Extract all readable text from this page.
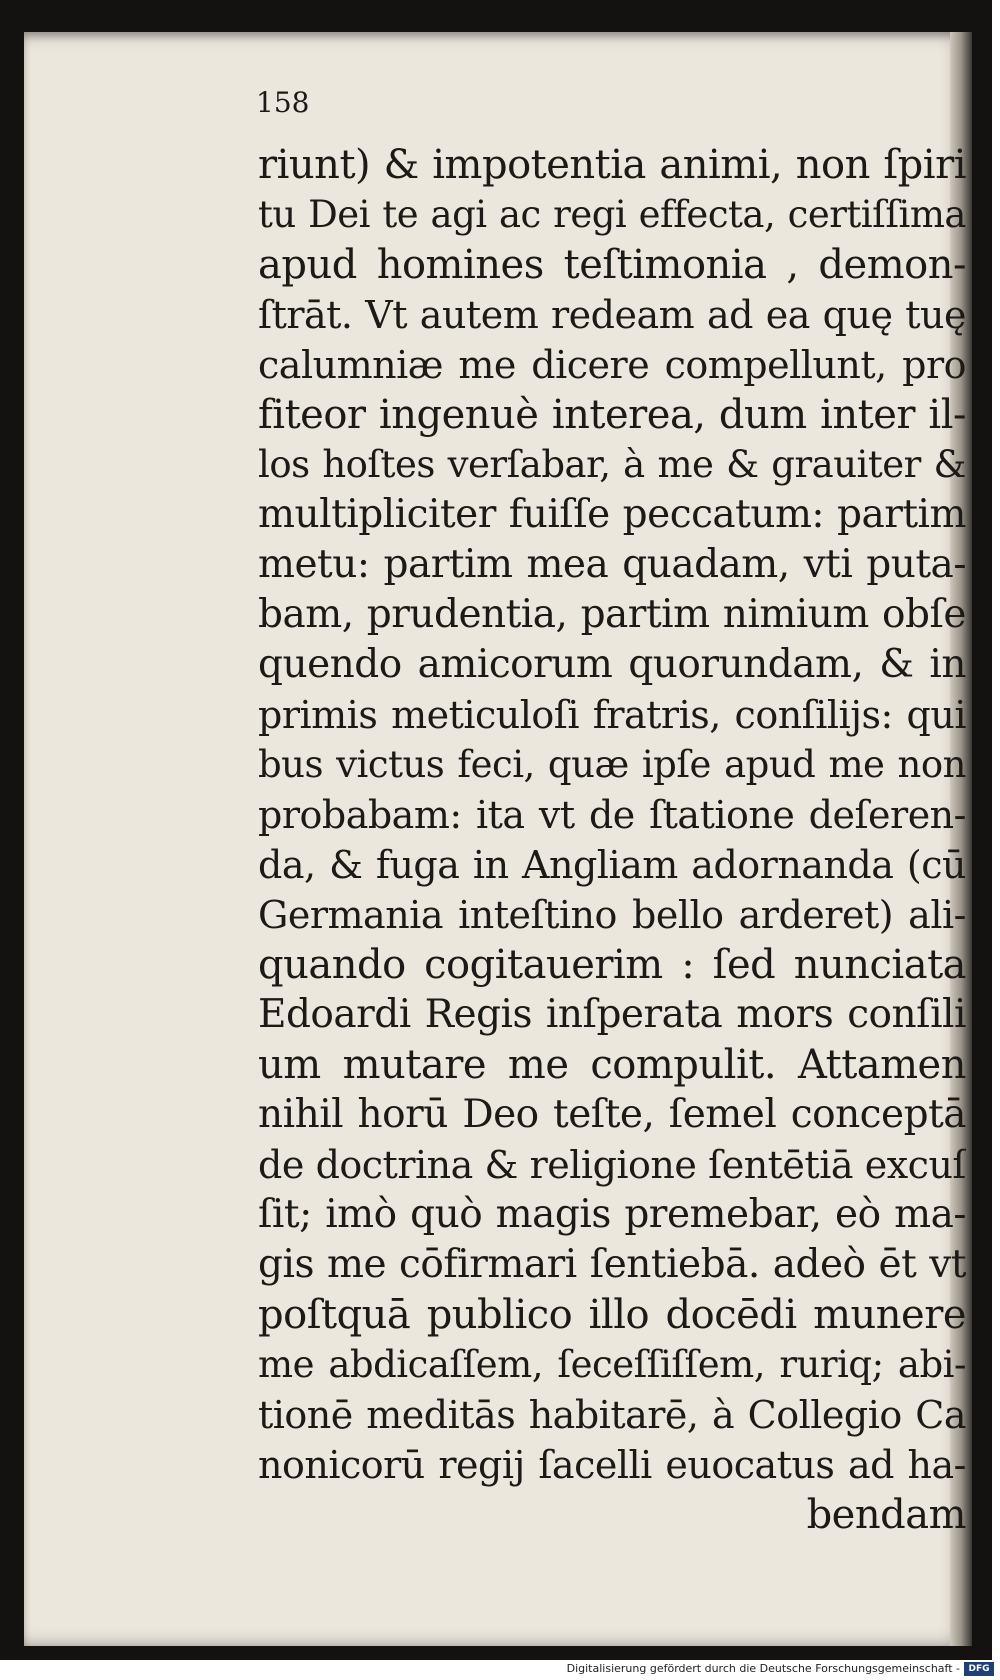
158
riunt) & impotentia animi, non ſpiri
tu Dei te agi ac regi effecta, certiſſima
apud homines teſtimonia , demon-
ſtrāt. Vt autem redeam ad ea quę tuę
calumniæ me dicere compellunt, pro
fiteor ingenuè interea, dum inter il-
los hoſtes verſabar, à me & grauiter &
multipliciter fuiſſe peccatum: partim
metu: partim mea quadam, vti puta-
bam, prudentia, partim nimium obſe
quendo amicorum quorundam, & in
primis meticuloſi fratris, conſilijs: qui
bus victus feci, quæ ipſe apud me non
probabam: ita vt de ſtatione deſeren-
da, & fuga in Angliam adornanda (cū
Germania inteſtino bello arderet) ali-
quando cogitauerim : ſed nunciata
Edoardi Regis inſperata mors conſili
um mutare me compulit. Attamen
nihil horū Deo teſte, ſemel conceptā
de doctrina & religione ſentētiā excuſ
ſit; imò quò magis premebar, eò ma-
gis me cōfirmari ſentiebā. adeò ēt vt
poſtquā publico illo docēdi munere
me abdicaſſem, ſeceſſiſſem, ruriq; abi-
tionē meditās habitarē, à Collegio Ca
nonicorū regij ſacelli euocatus ad ha-
bendam
Digitalisierung gefördert durch die Deutsche Forschungsgemeinschaft - DFG
